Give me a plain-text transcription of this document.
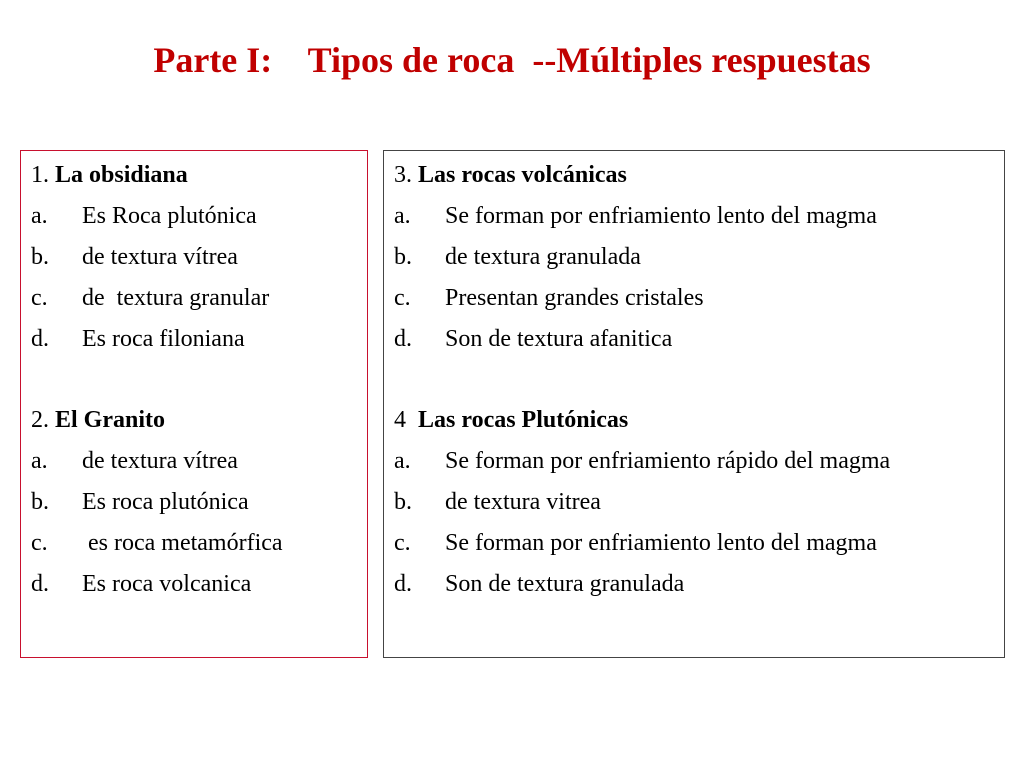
Parte I:    Tipos de roca  --Múltiples respuestas
1. La obsidiana
a. Es Roca plutónica
b. de textura vítrea
c. de  textura granular
d. Es roca filoniana
2. El Granito
a. de textura vítrea
b. Es roca plutónica
c. es roca metamórfica
d. Es roca volcanica
3. Las rocas volcánicas
a. Se forman por enfriamiento lento del magma
b. de textura granulada
c. Presentan grandes cristales
d. Son de textura afanitica
4  Las rocas Plutónicas
a. Se forman por enfriamiento rápido del magma
b. de textura vitrea
c. Se forman por enfriamiento lento del magma
d. Son de textura granulada
